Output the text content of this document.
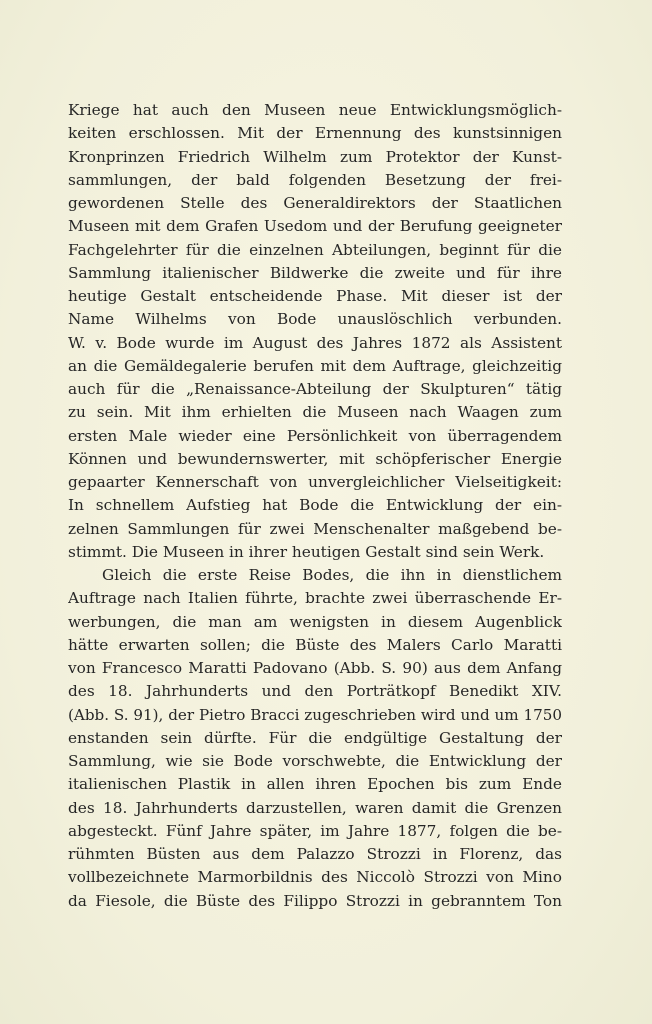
Kriege hat auch den Museen neue Entwicklungsmöglich-
keiten erschlossen. Mit der Ernennung des kunstsinnigen
Kronprinzen Friedrich Wilhelm zum Protektor der Kunst-
sammlungen, der bald folgenden Besetzung der frei-
gewordenen Stelle des Generaldirektors der Staatlichen
Museen mit dem Grafen Usedom und der Berufung geeigneter
Fachgelehrter für die einzelnen Abteilungen, beginnt für die
Sammlung italienischer Bildwerke die zweite und für ihre
heutige Gestalt entscheidende Phase. Mit dieser ist der
Name Wilhelms von Bode unauslöschlich verbunden.
W. v. Bode wurde im August des Jahres 1872 als Assistent
an die Gemäldegalerie berufen mit dem Auftrage, gleichzeitig
auch für die „Renaissance-Abteilung der Skulpturen“ tätig
zu sein. Mit ihm erhielten die Museen nach Waagen zum
ersten Male wieder eine Persönlichkeit von überragendem
Können und bewundernswerter, mit schöpferischer Energie
gepaarter Kennerschaft von unvergleichlicher Vielseitigkeit:
In schnellem Aufstieg hat Bode die Entwicklung der ein-
zelnen Sammlungen für zwei Menschenalter maßgebend be-
stimmt. Die Museen in ihrer heutigen Gestalt sind sein Werk.
Gleich die erste Reise Bodes, die ihn in dienstlichem
Auftrage nach Italien führte, brachte zwei überraschende Er-
werbungen, die man am wenigsten in diesem Augenblick
hätte erwarten sollen; die Büste des Malers Carlo Maratti
von Francesco Maratti Padovano (Abb. S. 90) aus dem Anfang
des 18. Jahrhunderts und den Porträtkopf Benedikt XIV.
(Abb. S. 91), der Pietro Bracci zugeschrieben wird und um 1750
enstanden sein dürfte. Für die endgültige Gestaltung der
Sammlung, wie sie Bode vorschwebte, die Entwicklung der
italienischen Plastik in allen ihren Epochen bis zum Ende
des 18. Jahrhunderts darzustellen, waren damit die Grenzen
abgesteckt. Fünf Jahre später, im Jahre 1877, folgen die be-
rühmten Büsten aus dem Palazzo Strozzi in Florenz, das
vollbezeichnete Marmorbildnis des Niccolò Strozzi von Mino
da Fiesole, die Büste des Filippo Strozzi in gebranntem Ton
